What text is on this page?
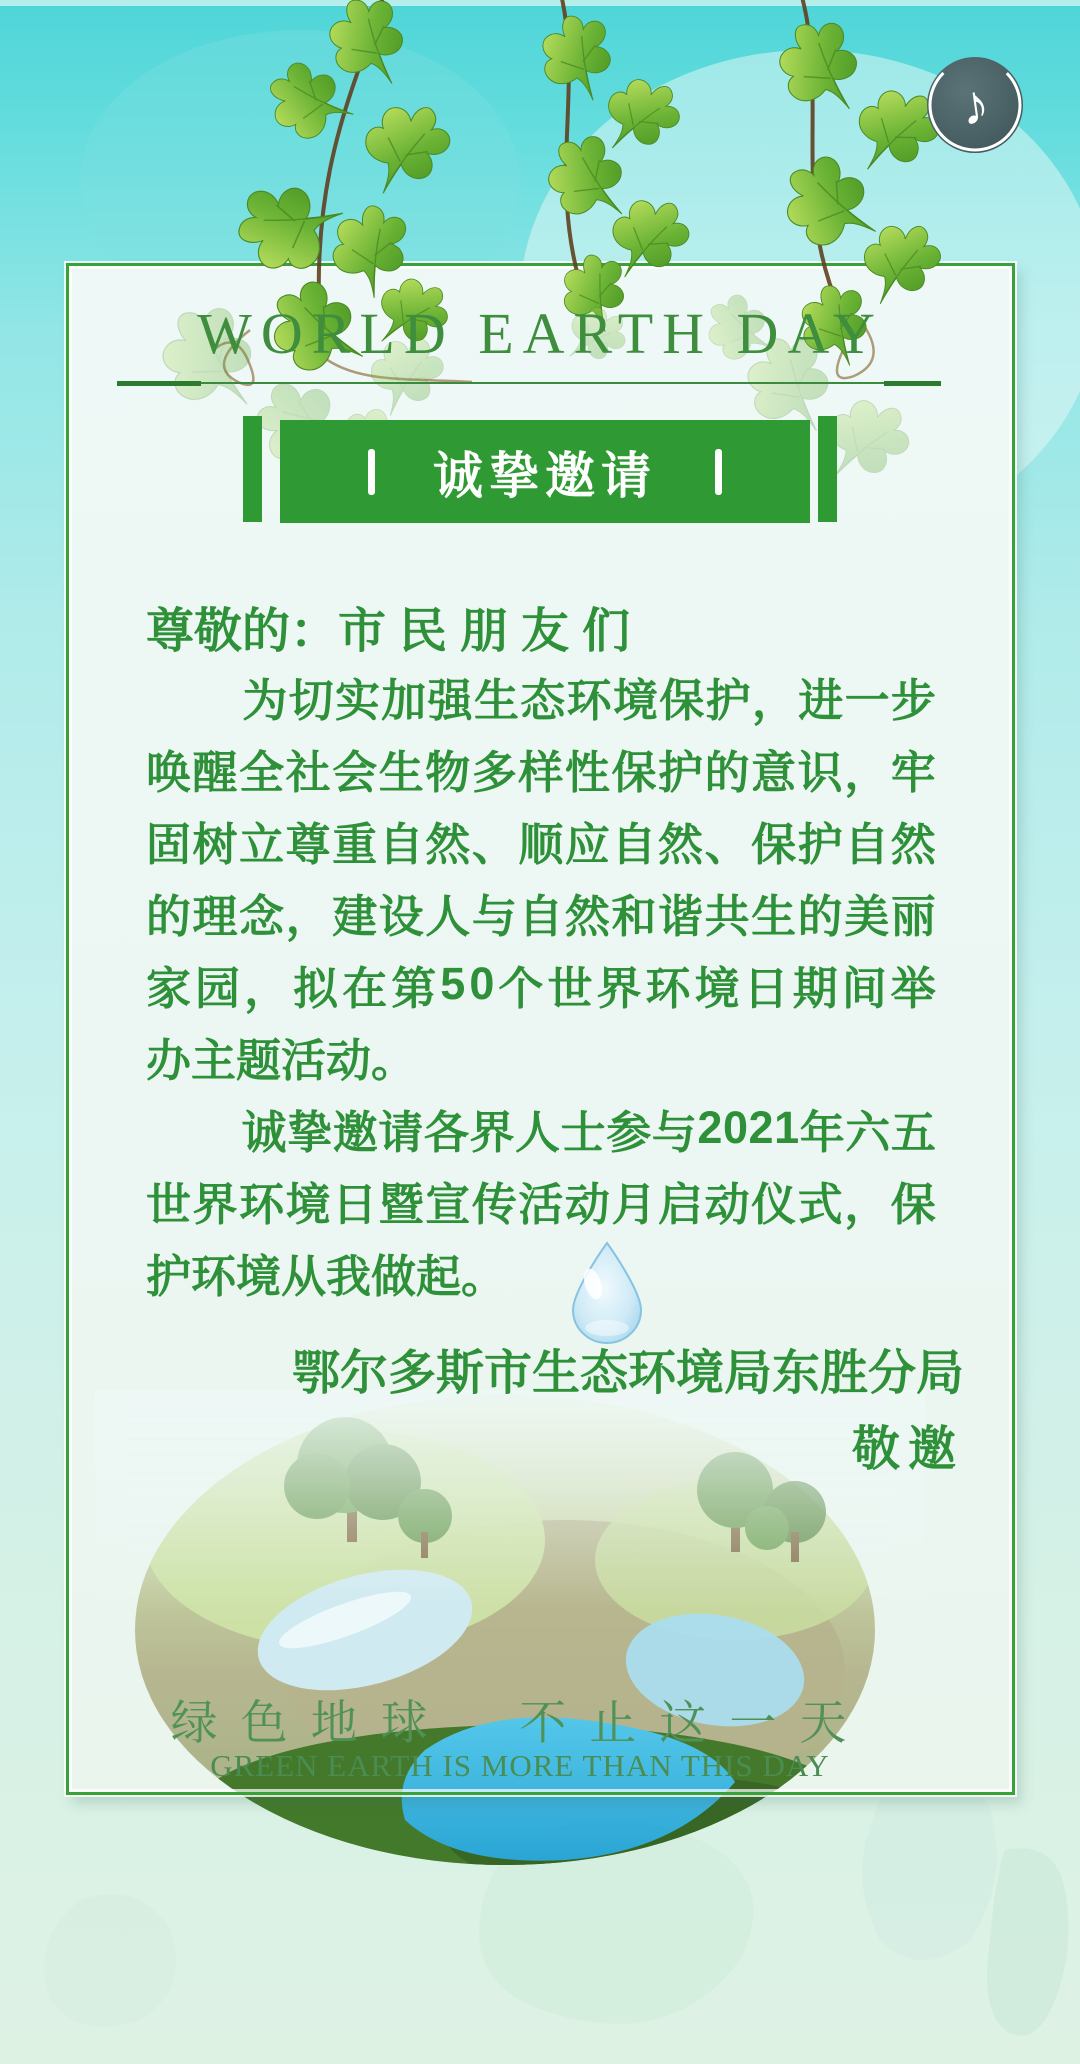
♪
WORLD EARTH DAY
诚挚邀请
尊敬的： 市民朋友们
为 切 实 加 强 生 态 环 境 保 护 ， 进 一 步
唤 醒 全 社 会 生 物 多 样 性 保 护 的 意 识 ， 牢
固 树 立 尊 重 自 然 、 顺 应 自 然 、 保 护 自 然
的 理 念 ， 建 设 人 与 自 然 和 谐 共 生 的 美 丽
家 园 ， 拟 在 第 5 0 个 世 界 环 境 日 期 间 举
办主题活动。
诚 挚 邀 请 各 界 人 士 参 与 2 0 2 1 年 六 五
世 界 环 境 日 暨 宣 传 活 动 月 启 动 仪 式 ， 保
护环境从我做起。
鄂尔多斯市生态环境局东胜分局
敬邀
绿色地球 不止这一天
GREEN EARTH IS MORE THAN THIS DAY
